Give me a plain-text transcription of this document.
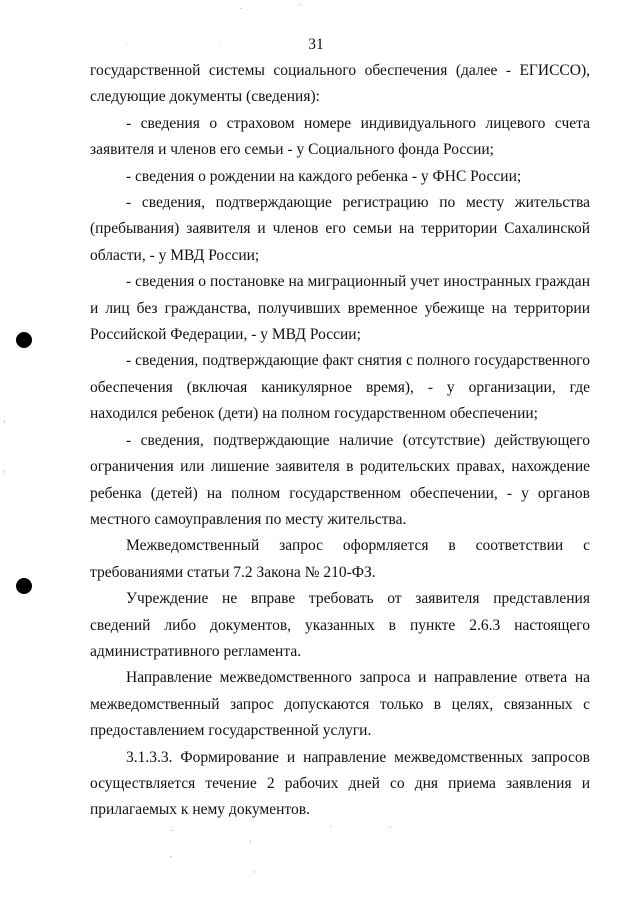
31

государственной системы социального обеспечения (далее - ЕГИССО), следующие документы (сведения):

- сведения о страховом номере индивидуального лицевого счета заявителя и членов его семьи - у Социального фонда России;

- сведения о рождении на каждого ребенка - у ФНС России;

- сведения, подтверждающие регистрацию по месту жительства (пребывания) заявителя и членов его семьи на территории Сахалинской области, - у МВД России;

- сведения о постановке на миграционный учет иностранных граждан и лиц без гражданства, получивших временное убежище на территории Российской Федерации, - у МВД России;

- сведения, подтверждающие факт снятия с полного государственного обеспечения (включая каникулярное время), - у организации, где находился ребенок (дети) на полном государственном обеспечении;

- сведения, подтверждающие наличие (отсутствие) действующего ограничения или лишение заявителя в родительских правах, нахождение ребенка (детей) на полном государственном обеспечении, - у органов местного самоуправления по месту жительства.

Межведомственный запрос оформляется в соответствии с требованиями статьи 7.2 Закона № 210-ФЗ.

Учреждение не вправе требовать от заявителя представления сведений либо документов, указанных в пункте 2.6.3 настоящего административного регламента.

Направление межведомственного запроса и направление ответа на межведомственный запрос допускаются только в целях, связанных с предоставлением государственной услуги.

3.1.3.3. Формирование и направление межведомственных запросов осуществляется течение 2 рабочих дней со дня приема заявления и прилагаемых к нему документов.
